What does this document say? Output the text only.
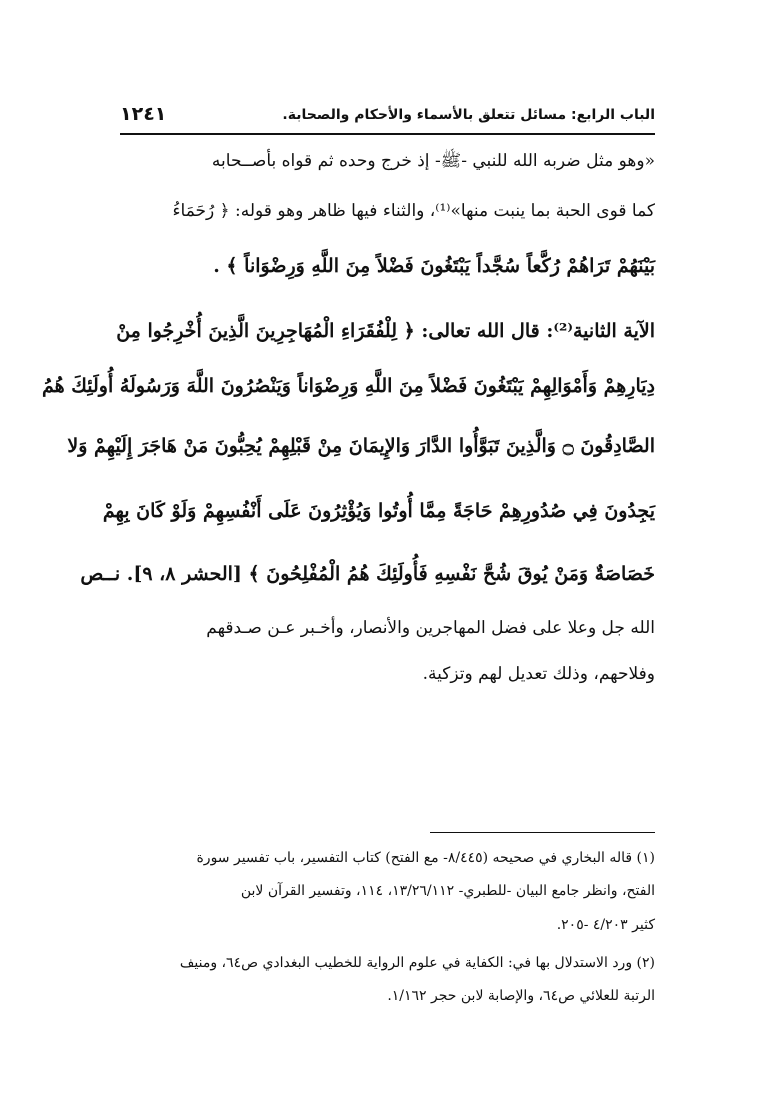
الباب الرابع: مسائل تتعلق بالأسماء والأحكام والصحابة.
١٢٤١
«وهو مثل ضربه الله للنبي -ﷺ- إذ خرج وحده ثم قواه بأصــحابه
كما قوى الحبة بما ينبت منها»⁽¹⁾، والثناء فيها ظاهر وهو قوله: ﴿ رُحَمَاءُ
بَيْنَهُمْ تَرَاهُمْ رُكَّعاً سُجَّداً يَبْتَغُونَ فَضْلاً مِنَ اللَّهِ وَرِضْوَاناً ﴾ .
الآية الثانية⁽²⁾: قال الله تعالى: ﴿ لِلْفُقَرَاءِ الْمُهَاجِرِينَ الَّذِينَ أُخْرِجُوا مِنْ
دِيَارِهِمْ وَأَمْوَالِهِمْ يَبْتَغُونَ فَضْلاً مِنَ اللَّهِ وَرِضْوَاناً وَيَنْصُرُونَ اللَّهَ وَرَسُولَهُ أُولَئِكَ هُمُ
الصَّادِقُونَ ۝ وَالَّذِينَ تَبَوَّأُوا الدَّارَ وَالإِيمَانَ مِنْ قَبْلِهِمْ يُحِبُّونَ مَنْ هَاجَرَ إِلَيْهِمْ وَلا
يَجِدُونَ فِي صُدُورِهِمْ حَاجَةً مِمَّا أُوتُوا وَيُؤْثِرُونَ عَلَى أَنْفُسِهِمْ وَلَوْ كَانَ بِهِمْ
خَصَاصَةٌ وَمَنْ يُوقَ شُحَّ نَفْسِهِ فَأُولَئِكَ هُمُ الْمُفْلِحُونَ ﴾ [الحشر ٨، ٩]. نــص
الله جل وعلا على فضل المهاجرين والأنصار، وأخـبر عـن صـدقهم
وفلاحهم، وذلك تعديل لهم وتزكية.
(١) قاله البخاري في صحيحه (٨/٤٤٥- مع الفتح) كتاب التفسير، باب تفسير سورة
الفتح، وانظر جامع البيان -للطبري- ١٣/٢٦/١١٢، ١١٤، وتفسير القرآن لابن
كثير ٤/٢٠٣ -٢٠٥.
(٢) ورد الاستدلال بها في: الكفاية في علوم الرواية للخطيب البغدادي ص٦٤، ومنيف
الرتبة للعلائي ص٦٤، والإصابة لابن حجر ١/١٦٢.
